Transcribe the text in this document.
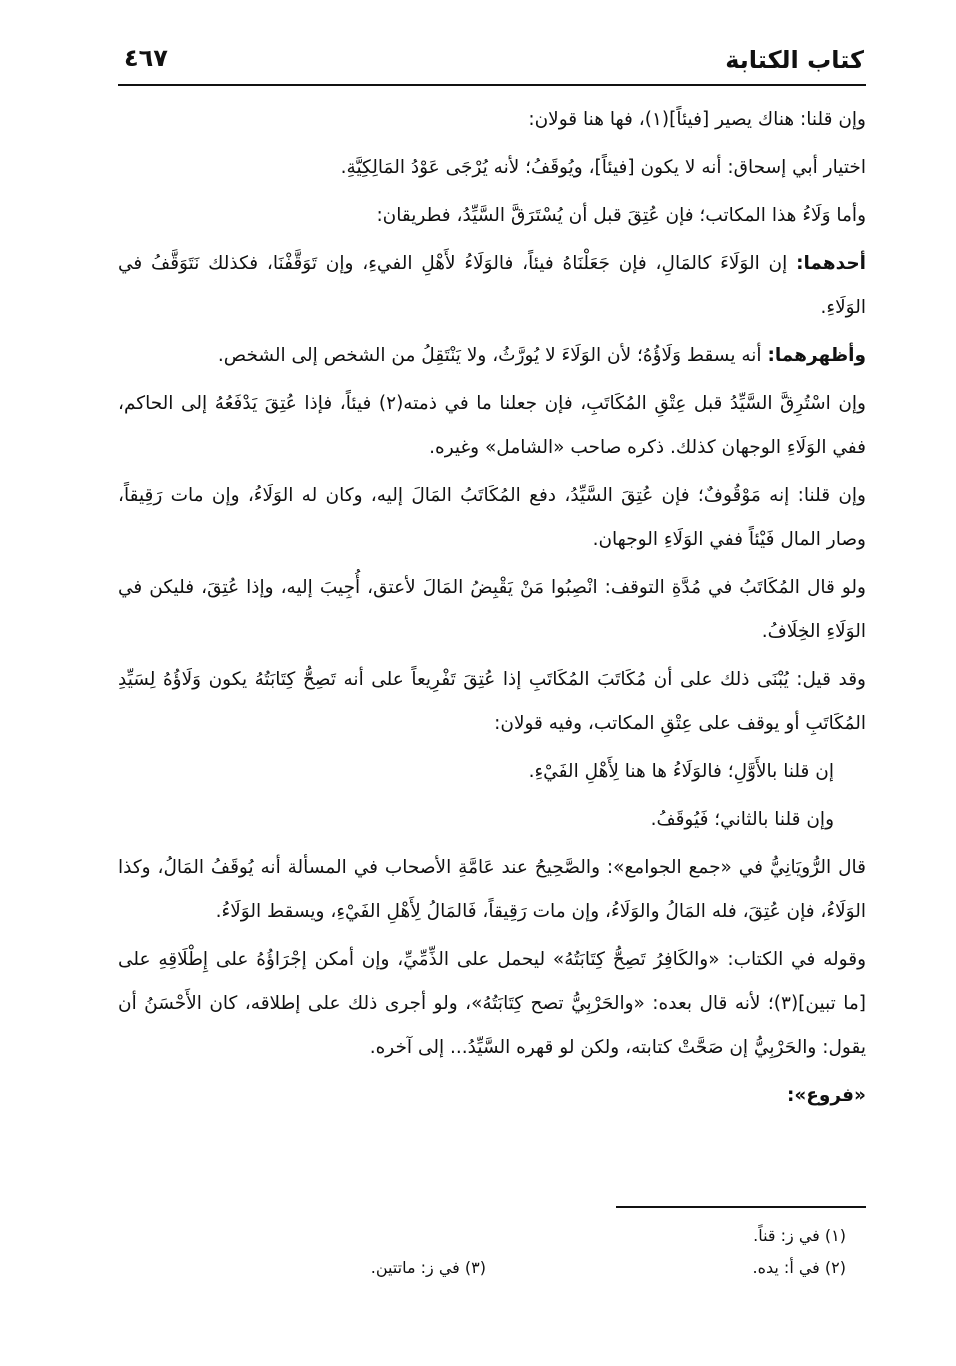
كتاب الكتابة
٤٦٧

وإن قلنا: هناك يصير [فيئاً](١)، فها هنا قولان:

اختيار أبي إسحاق: أنه لا يكون [فيئاً]، ويُوقَفُ؛ لأنه يُرْجَى عَوْدُ المَالِكِيَّةِ.

وأما وَلَاءُ هذا المكاتب؛ فإن عُتِقَ قبل أن يُسْتَرَقَّ السَّيِّدُ، فطريقان:

أحدهما: إن الوَلَاءَ كالمَالِ، فإن جَعَلْنَاهُ فيئاً، فالوَلَاءُ لأَهْلِ الفيءِ، وإن تَوَقَّفْنَا، فكذلك نَتَوَقَّفُ في الوَلَاءِ.

وأظهرهما: أنه يسقط وَلَاؤُهُ؛ لأن الوَلَاءَ لا يُورَّثُ، ولا يَنْتَقِلُ من الشخص إلى الشخص.

وإن اسْتُرِقَّ السَّيِّدُ قبل عِتْقِ المُكَاتَبِ، فإن جعلنا ما في ذمته(٢) فيئاً، فإذا عُتِقَ يَدْفَعُهُ إلى الحاكم، ففي الوَلَاءِ الوجهان كذلك. ذكره صاحب «الشامل» وغيره.

وإن قلنا: إنه مَوْقُوفٌ؛ فإن عُتِقَ السَّيِّدُ، دفع المُكَاتَبُ المَالَ إليه، وكان له الوَلَاءُ، وإن مات رَقِيقاً، وصار المال فَيْئاً ففي الوَلَاءِ الوجهان.

ولو قال المُكَاتَبُ في مُدَّةِ التوقف: انْصِبُوا مَنْ يَقْبِضُ المَالَ لأعتق، أُجِيبَ إليه، وإذا عُتِقَ، فليكن في الوَلَاءِ الخِلَافُ.

وقد قيل: يُبْنَى ذلك على أن مُكَاتَبَ المُكَاتَبِ إذا عُتِقَ تَفْرِيعاً على أنه تَصِحُّ كِتَابَتُهُ يكون وَلَاؤُهُ لِسَيِّدِ المُكَاتَبِ أو يوقف على عِتْقِ المكاتب، وفيه قولان:

إن قلنا بالأَوَّلِ؛ فالوَلَاءُ ها هنا لِأَهْلِ الفَيْءِ.

وإن قلنا بالثاني؛ فَيُوقَفُ.

قال الرُّويَانِيُّ في «جمع الجوامع»: والصَّحِيحُ عند عَامَّةِ الأصحاب في المسألة أنه يُوقَفُ المَالُ، وكذا الوَلَاءُ، فإن عُتِقَ، فله المَالُ والوَلَاءُ، وإن مات رَقِيقاً، فَالمَالُ لِأَهْلِ الفَيْءِ، ويسقط الوَلَاءُ.

وقوله في الكتاب: «والكَافِرُ تَصِحُّ كِتَابَتُهُ» ليحمل على الذِّمِّيِّ، وإن أمكن إجْرَاؤُهُ على إِطْلَاقِهِ على [ما تبين](٣)؛ لأنه قال بعده: «والحَرْبِيُّ تصح كِتَابَتُهُ»، ولو أجرى ذلك على إطلاقه، كان الأَحْسَنُ أن يقول: والحَرْبِيُّ إن صَحَّتْ كتابته، ولكن لو قهره السَّيِّدُ... إلى آخره.

«فروع»:

(١) في ز: قناً.
(٢) في أ: يده.
(٣) في ز: ماتتين.
